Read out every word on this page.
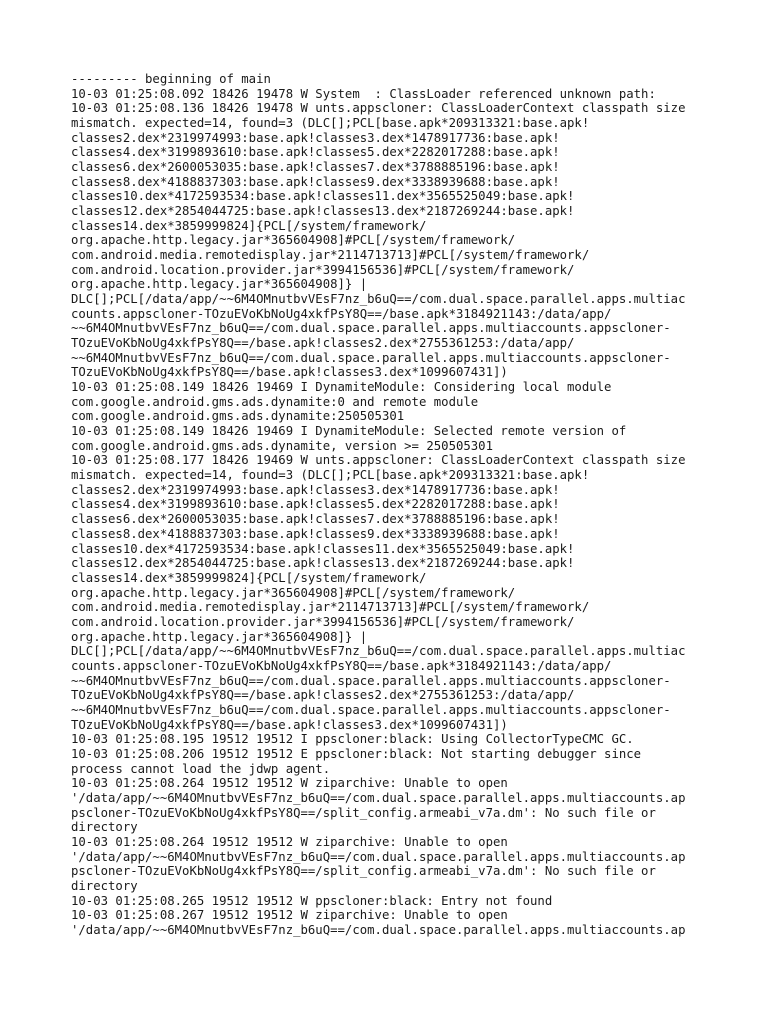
--------- beginning of main
10-03 01:25:08.092 18426 19478 W System  : ClassLoader referenced unknown path:
10-03 01:25:08.136 18426 19478 W unts.appscloner: ClassLoaderContext classpath size
mismatch. expected=14, found=3 (DLC[];PCL[base.apk*209313321:base.apk!
classes2.dex*2319974993:base.apk!classes3.dex*1478917736:base.apk!
classes4.dex*3199893610:base.apk!classes5.dex*2282017288:base.apk!
classes6.dex*2600053035:base.apk!classes7.dex*3788885196:base.apk!
classes8.dex*4188837303:base.apk!classes9.dex*3338939688:base.apk!
classes10.dex*4172593534:base.apk!classes11.dex*3565525049:base.apk!
classes12.dex*2854044725:base.apk!classes13.dex*2187269244:base.apk!
classes14.dex*3859999824]{PCL[/system/framework/
org.apache.http.legacy.jar*365604908]#PCL[/system/framework/
com.android.media.remotedisplay.jar*2114713713]#PCL[/system/framework/
com.android.location.provider.jar*3994156536]#PCL[/system/framework/
org.apache.http.legacy.jar*365604908]} |
DLC[];PCL[/data/app/~~6M4OMnutbvVEsF7nz_b6uQ==/com.dual.space.parallel.apps.multiac
counts.appscloner-TOzuEVoKbNoUg4xkfPsY8Q==/base.apk*3184921143:/data/app/
~~6M4OMnutbvVEsF7nz_b6uQ==/com.dual.space.parallel.apps.multiaccounts.appscloner-
TOzuEVoKbNoUg4xkfPsY8Q==/base.apk!classes2.dex*2755361253:/data/app/
~~6M4OMnutbvVEsF7nz_b6uQ==/com.dual.space.parallel.apps.multiaccounts.appscloner-
TOzuEVoKbNoUg4xkfPsY8Q==/base.apk!classes3.dex*1099607431])
10-03 01:25:08.149 18426 19469 I DynamiteModule: Considering local module
com.google.android.gms.ads.dynamite:0 and remote module
com.google.android.gms.ads.dynamite:250505301
10-03 01:25:08.149 18426 19469 I DynamiteModule: Selected remote version of
com.google.android.gms.ads.dynamite, version >= 250505301
10-03 01:25:08.177 18426 19469 W unts.appscloner: ClassLoaderContext classpath size
mismatch. expected=14, found=3 (DLC[];PCL[base.apk*209313321:base.apk!
classes2.dex*2319974993:base.apk!classes3.dex*1478917736:base.apk!
classes4.dex*3199893610:base.apk!classes5.dex*2282017288:base.apk!
classes6.dex*2600053035:base.apk!classes7.dex*3788885196:base.apk!
classes8.dex*4188837303:base.apk!classes9.dex*3338939688:base.apk!
classes10.dex*4172593534:base.apk!classes11.dex*3565525049:base.apk!
classes12.dex*2854044725:base.apk!classes13.dex*2187269244:base.apk!
classes14.dex*3859999824]{PCL[/system/framework/
org.apache.http.legacy.jar*365604908]#PCL[/system/framework/
com.android.media.remotedisplay.jar*2114713713]#PCL[/system/framework/
com.android.location.provider.jar*3994156536]#PCL[/system/framework/
org.apache.http.legacy.jar*365604908]} |
DLC[];PCL[/data/app/~~6M4OMnutbvVEsF7nz_b6uQ==/com.dual.space.parallel.apps.multiac
counts.appscloner-TOzuEVoKbNoUg4xkfPsY8Q==/base.apk*3184921143:/data/app/
~~6M4OMnutbvVEsF7nz_b6uQ==/com.dual.space.parallel.apps.multiaccounts.appscloner-
TOzuEVoKbNoUg4xkfPsY8Q==/base.apk!classes2.dex*2755361253:/data/app/
~~6M4OMnutbvVEsF7nz_b6uQ==/com.dual.space.parallel.apps.multiaccounts.appscloner-
TOzuEVoKbNoUg4xkfPsY8Q==/base.apk!classes3.dex*1099607431])
10-03 01:25:08.195 19512 19512 I ppscloner:black: Using CollectorTypeCMC GC.
10-03 01:25:08.206 19512 19512 E ppscloner:black: Not starting debugger since
process cannot load the jdwp agent.
10-03 01:25:08.264 19512 19512 W ziparchive: Unable to open
'/data/app/~~6M4OMnutbvVEsF7nz_b6uQ==/com.dual.space.parallel.apps.multiaccounts.ap
pscloner-TOzuEVoKbNoUg4xkfPsY8Q==/split_config.armeabi_v7a.dm': No such file or
directory
10-03 01:25:08.264 19512 19512 W ziparchive: Unable to open
'/data/app/~~6M4OMnutbvVEsF7nz_b6uQ==/com.dual.space.parallel.apps.multiaccounts.ap
pscloner-TOzuEVoKbNoUg4xkfPsY8Q==/split_config.armeabi_v7a.dm': No such file or
directory
10-03 01:25:08.265 19512 19512 W ppscloner:black: Entry not found
10-03 01:25:08.267 19512 19512 W ziparchive: Unable to open
'/data/app/~~6M4OMnutbvVEsF7nz_b6uQ==/com.dual.space.parallel.apps.multiaccounts.ap
